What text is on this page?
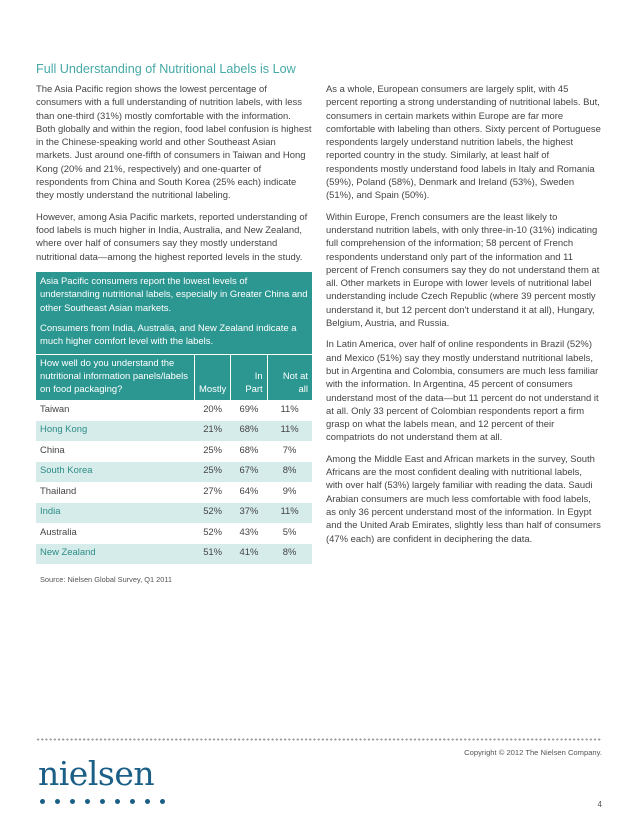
Full Understanding of Nutritional Labels is Low

The Asia Pacific region shows the lowest percentage of consumers with a full understanding of nutrition labels, with less than one-third (31%) mostly comfortable with the information. Both globally and within the region, food label confusion is highest in the Chinese-speaking world and other Southeast Asian markets. Just around one-fifth of consumers in Taiwan and Hong Kong (20% and 21%, respectively) and one-quarter of respondents from China and South Korea (25% each) indicate they mostly understand the nutritional labeling.

However, among Asia Pacific markets, reported understanding of food labels is much higher in India, Australia, and New Zealand, where over half of consumers say they mostly understand nutritional data—among the highest reported levels in the study.

Asia Pacific consumers report the lowest levels of understanding nutritional labels, especially in Greater China and other Southeast Asian markets.
Consumers from India, Australia, and New Zealand indicate a much higher comfort level with the labels.
How well do you understand the nutritional information panels/labels on food packaging?	Mostly	In Part	Not at all
Taiwan	20%	69%	11%
Hong Kong	21%	68%	11%
China	25%	68%	7%
South Korea	25%	67%	8%
Thailand	27%	64%	9%
India	52%	37%	11%
Australia	52%	43%	5%
New Zealand	51%	41%	8%
Source: Nielsen Global Survey, Q1 2011

As a whole, European consumers are largely split, with 45 percent reporting a strong understanding of nutritional labels. But, consumers in certain markets within Europe are far more comfortable with labeling than others. Sixty percent of Portuguese respondents largely understand nutrition labels, the highest reported country in the study. Similarly, at least half of respondents mostly understand food labels in Italy and Romania (59%), Poland (58%), Denmark and Ireland (53%), Sweden (51%), and Spain (50%).

Within Europe, French consumers are the least likely to understand nutrition labels, with only three-in-10 (31%) indicating full comprehension of the information; 58 percent of French respondents understand only part of the information and 11 percent of French consumers say they do not understand them at all. Other markets in Europe with lower levels of nutritional label understanding include Czech Republic (where 39 percent mostly understand it, but 12 percent don't understand it at all), Hungary, Belgium, Austria, and Russia.

In Latin America, over half of online respondents in Brazil (52%) and Mexico (51%) say they mostly understand nutritional labels, but in Argentina and Colombia, consumers are much less familiar with the information. In Argentina, 45 percent of consumers understand most of the data—but 11 percent do not understand it at all. Only 33 percent of Colombian respondents report a firm grasp on what the labels mean, and 12 percent of their compatriots do not understand them at all.

Among the Middle East and African markets in the survey, South Africans are the most confident dealing with nutritional labels, with over half (53%) largely familiar with reading the data. Saudi Arabian consumers are much less comfortable with food labels, as only 36 percent understand most of the information. In Egypt and the United Arab Emirates, slightly less than half of consumers (47% each) are confident in deciphering the data.

Copyright © 2012 The Nielsen Company.
nielsen
4
